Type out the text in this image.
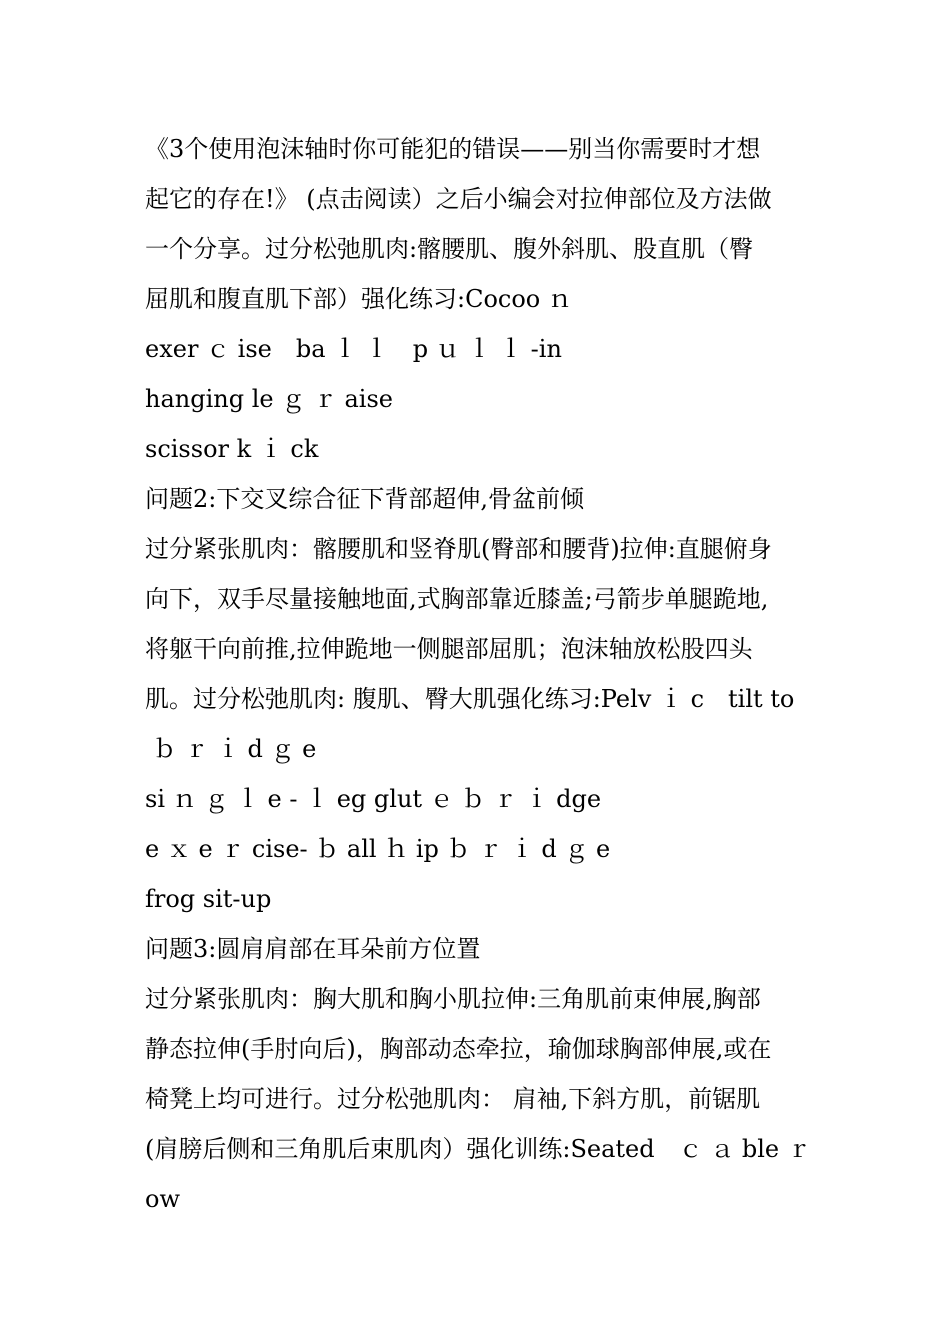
《3个使用泡沫轴时你可能犯的错误——别当你需要时才想
起它的存在!》 (点击阅读）之后小编会对拉伸部位及方法做
一个分享。过分松弛肌肉:髂腰肌、腹外斜肌、股直肌（臀
屈肌和腹直肌下部）强化练习:Cocoo ｎ
exer ｃ ise　ba ｌ ｌ　p ｕ ｌ ｌ -in
hanging le ｇ ｒ aise
scissor k ｉ ck
问题2:下交叉综合征下背部超伸,骨盆前倾
过分紧张肌肉：髂腰肌和竖脊肌(臀部和腰背)拉伸:直腿俯身
向下，双手尽量接触地面,式胸部靠近膝盖;弓箭步单腿跪地,
将躯干向前推,拉伸跪地一侧腿部屈肌；泡沫轴放松股四头
肌。过分松弛肌肉: 腹肌、臀大肌强化练习:Pelv ｉ c　tilt to
ｂ ｒ ｉ d ｇ e
si ｎ ｇ ｌ e - ｌ eg glut ｅ ｂ ｒ ｉ dge
e ｘ e ｒ cise- ｂ all ｈ ip ｂ ｒ ｉ d ｇ e
frog sit-up
问题3:圆肩肩部在耳朵前方位置
过分紧张肌肉：胸大肌和胸小肌拉伸:三角肌前束伸展,胸部
静态拉伸(手肘向后)，胸部动态牵拉，瑜伽球胸部伸展,或在
椅凳上均可进行。过分松弛肌肉： 肩袖,下斜方肌，前锯肌
(肩膀后侧和三角肌后束肌肉）强化训练:Seated　ｃ ａ ble ｒ
ow
